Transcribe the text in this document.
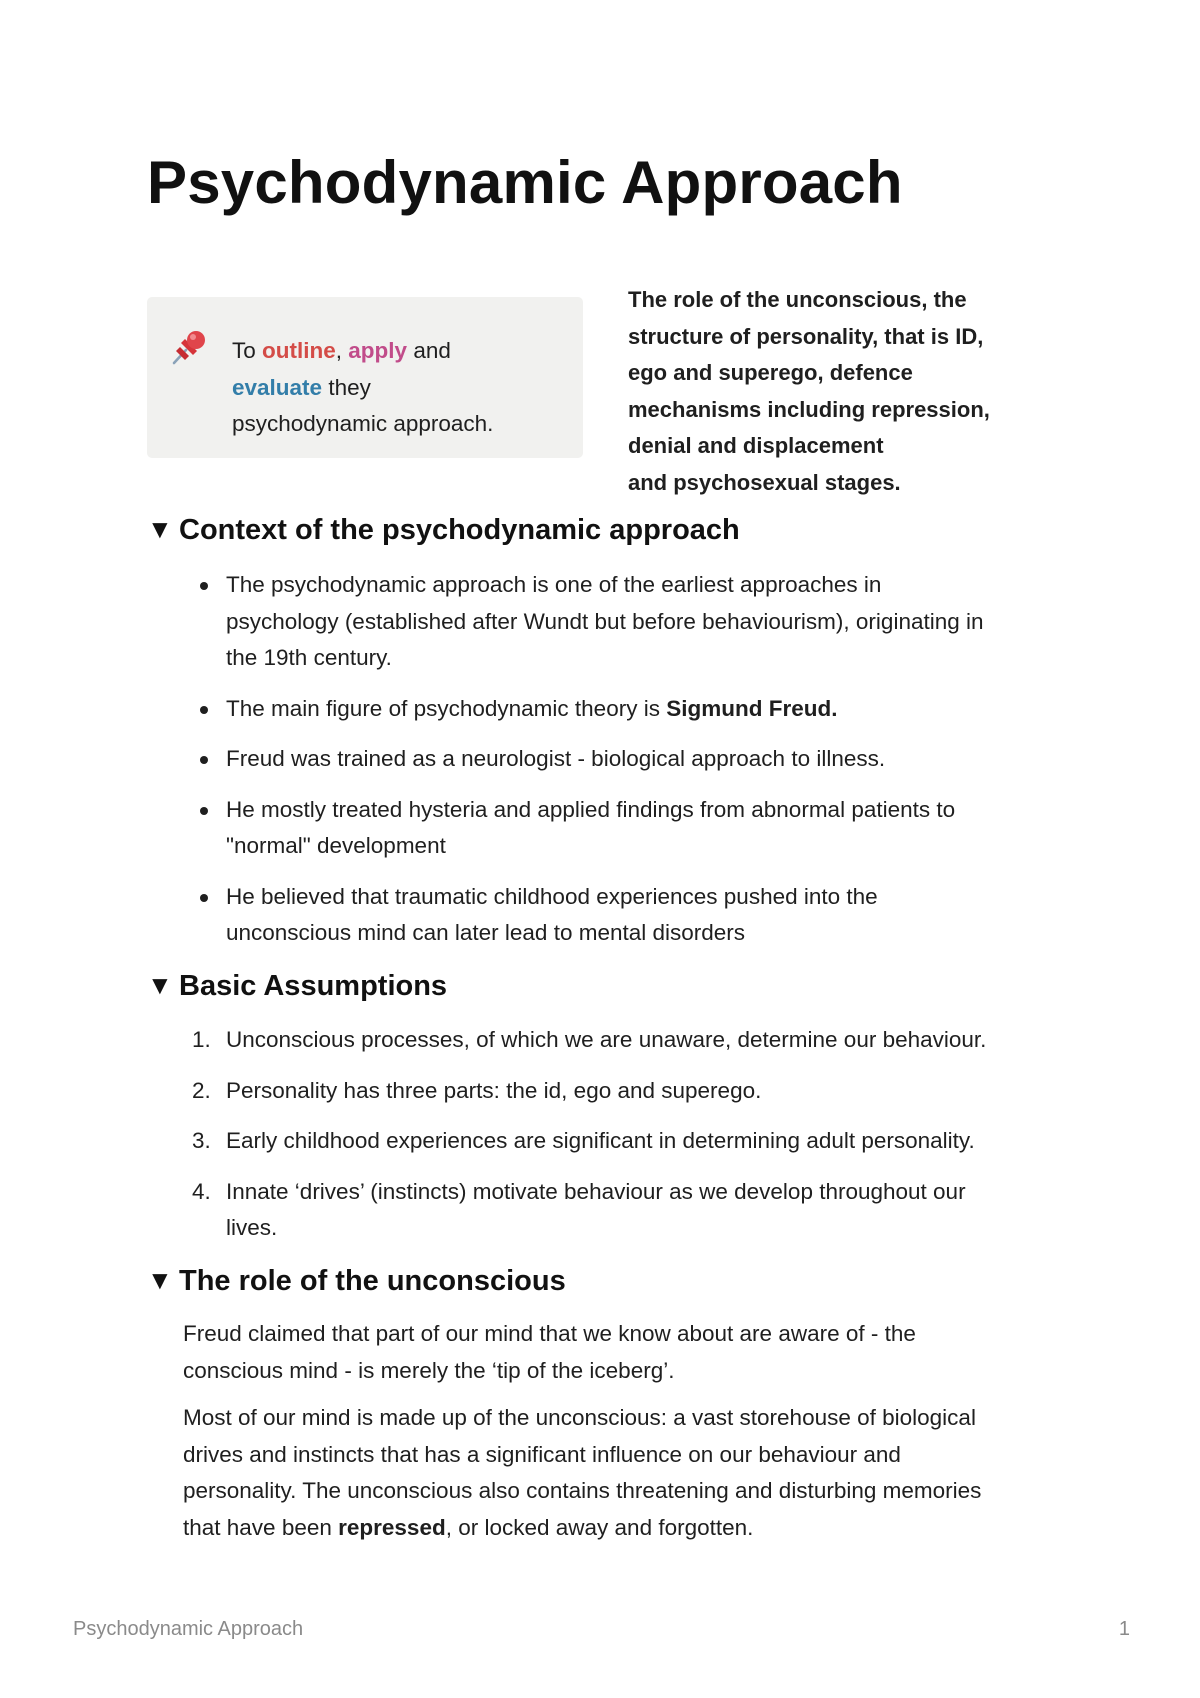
Psychodynamic Approach
To outline, apply and
evaluate they
psychodynamic approach.
The role of the unconscious, the
structure of personality, that is ID,
ego and superego, defence
mechanisms including repression,
denial and displacement
and psychosexual stages.
▼ Context of the psychodynamic approach
The psychodynamic approach is one of the earliest approaches in
psychology (established after Wundt but before behaviourism), originating in
the 19th century.
The main figure of psychodynamic theory is Sigmund Freud.
Freud was trained as a neurologist - biological approach to illness.
He mostly treated hysteria and applied findings from abnormal patients to
"normal" development
He believed that traumatic childhood experiences pushed into the
unconscious mind can later lead to mental disorders
▼ Basic Assumptions
1. Unconscious processes, of which we are unaware, determine our behaviour.
2. Personality has three parts: the id, ego and superego.
3. Early childhood experiences are significant in determining adult personality.
4. Innate ‘drives’ (instincts) motivate behaviour as we develop throughout our
lives.
▼ The role of the unconscious
Freud claimed that part of our mind that we know about are aware of - the
conscious mind - is merely the ‘tip of the iceberg’.
Most of our mind is made up of the unconscious: a vast storehouse of biological
drives and instincts that has a significant influence on our behaviour and
personality. The unconscious also contains threatening and disturbing memories
that have been repressed, or locked away and forgotten.
Psychodynamic Approach	1
